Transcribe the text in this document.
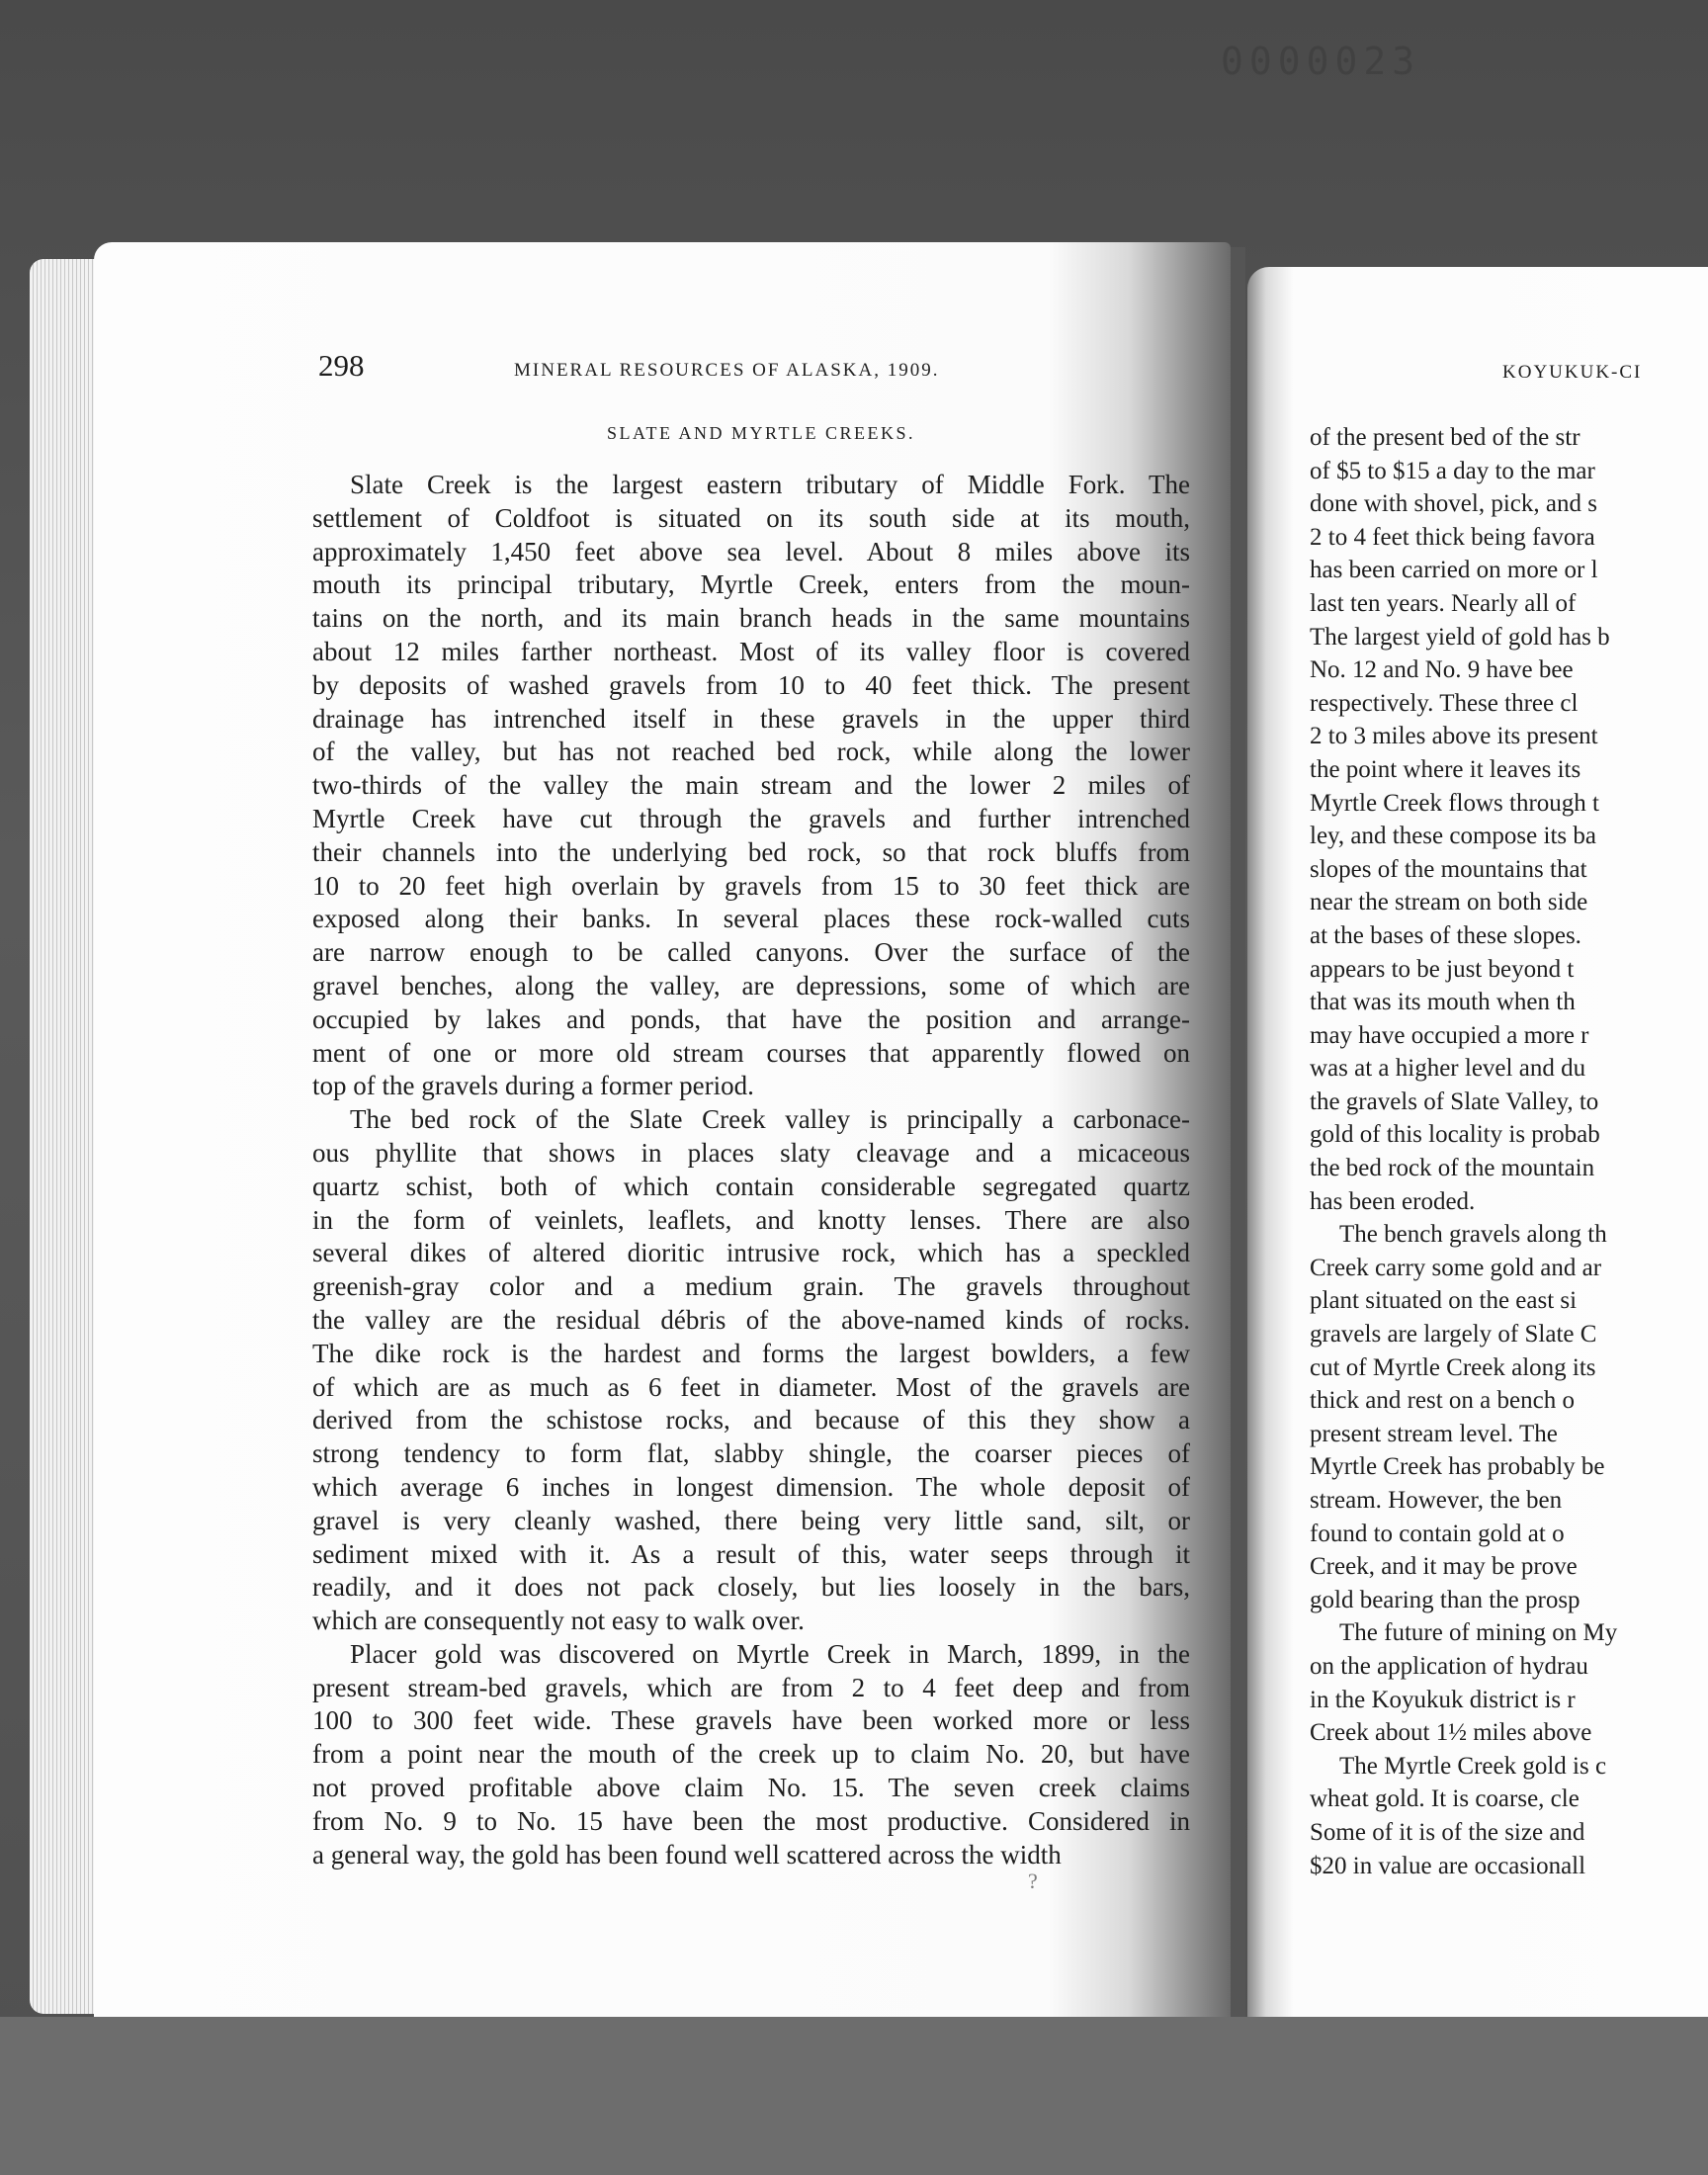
0000023
298	MINERAL RESOURCES OF ALASKA, 1909.
SLATE AND MYRTLE CREEKS.
Slate Creek is the largest eastern tributary of Middle Fork. The
settlement of Coldfoot is situated on its south side at its mouth,
approximately 1,450 feet above sea level. About 8 miles above its
mouth its principal tributary, Myrtle Creek, enters from the moun-
tains on the north, and its main branch heads in the same mountains
about 12 miles farther northeast. Most of its valley floor is covered
by deposits of washed gravels from 10 to 40 feet thick. The present
drainage has intrenched itself in these gravels in the upper third
of the valley, but has not reached bed rock, while along the lower
two-thirds of the valley the main stream and the lower 2 miles of
Myrtle Creek have cut through the gravels and further intrenched
their channels into the underlying bed rock, so that rock bluffs from
10 to 20 feet high overlain by gravels from 15 to 30 feet thick are
exposed along their banks. In several places these rock-walled cuts
are narrow enough to be called canyons. Over the surface of the
gravel benches, along the valley, are depressions, some of which are
occupied by lakes and ponds, that have the position and arrange-
ment of one or more old stream courses that apparently flowed on
top of the gravels during a former period.
The bed rock of the Slate Creek valley is principally a carbonace-
ous phyllite that shows in places slaty cleavage and a micaceous
quartz schist, both of which contain considerable segregated quartz
in the form of veinlets, leaflets, and knotty lenses. There are also
several dikes of altered dioritic intrusive rock, which has a speckled
greenish-gray color and a medium grain. The gravels throughout
the valley are the residual débris of the above-named kinds of rocks.
The dike rock is the hardest and forms the largest bowlders, a few
of which are as much as 6 feet in diameter. Most of the gravels are
derived from the schistose rocks, and because of this they show a
strong tendency to form flat, slabby shingle, the coarser pieces of
which average 6 inches in longest dimension. The whole deposit of
gravel is very cleanly washed, there being very little sand, silt, or
sediment mixed with it. As a result of this, water seeps through it
readily, and it does not pack closely, but lies loosely in the bars,
which are consequently not easy to walk over.
Placer gold was discovered on Myrtle Creek in March, 1899, in the
present stream-bed gravels, which are from 2 to 4 feet deep and from
100 to 300 feet wide. These gravels have been worked more or less
from a point near the mouth of the creek up to claim No. 20, but have
not proved profitable above claim No. 15. The seven creek claims
from No. 9 to No. 15 have been the most productive. Considered in
a general way, the gold has been found well scattered across the width
?
KOYUKUK-CI
of the present bed of the str
of $5 to $15 a day to the mar
done with shovel, pick, and s
2 to 4 feet thick being favora
has been carried on more or l
last ten years. Nearly all of
The largest yield of gold has b
No. 12 and No. 9 have bee
respectively. These three cl
2 to 3 miles above its present
the point where it leaves its
Myrtle Creek flows through t
ley, and these compose its ba
slopes of the mountains that
near the stream on both side
at the bases of these slopes.
appears to be just beyond t
that was its mouth when th
may have occupied a more r
was at a higher level and du
the gravels of Slate Valley, to
gold of this locality is probab
the bed rock of the mountain
has been eroded.
The bench gravels along th
Creek carry some gold and ar
plant situated on the east si
gravels are largely of Slate C
cut of Myrtle Creek along its
thick and rest on a bench o
present stream level. The
Myrtle Creek has probably be
stream. However, the ben
found to contain gold at o
Creek, and it may be prove
gold bearing than the prosp
The future of mining on My
on the application of hydrau
in the Koyukuk district is r
Creek about 1½ miles above
The Myrtle Creek gold is c
wheat gold. It is coarse, cle
Some of it is of the size and
$20 in value are occasionall
